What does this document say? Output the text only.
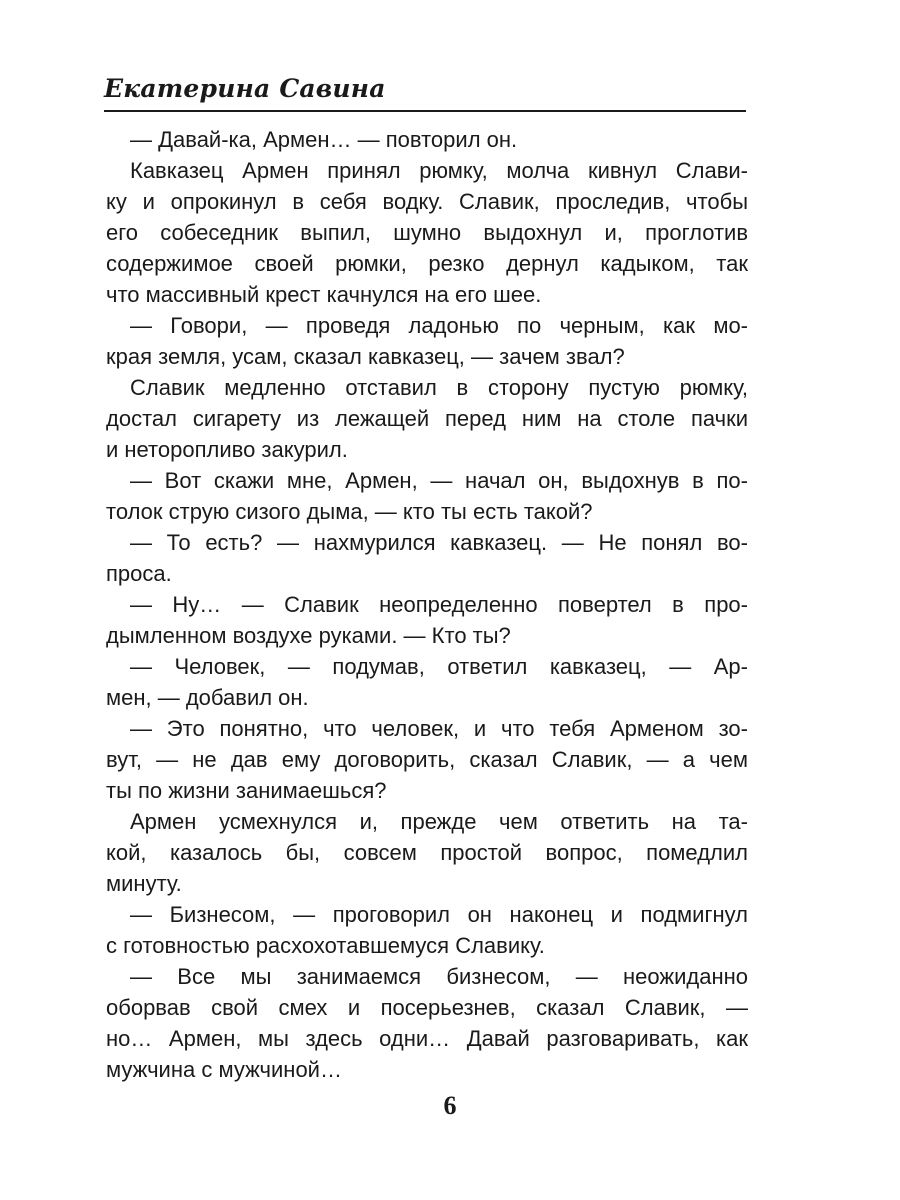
Екатерина Савина
— Давай-ка, Армен… — повторил он.
Кавказец Армен принял рюмку, молча кивнул Слави-
ку и опрокинул в себя водку. Славик, проследив, чтобы
его собеседник выпил, шумно выдохнул и, проглотив
содержимое своей рюмки, резко дернул кадыком, так
что массивный крест качнулся на его шее.
— Говори, — проведя ладонью по черным, как мо-
края земля, усам, сказал кавказец, — зачем звал?
Славик медленно отставил в сторону пустую рюмку,
достал сигарету из лежащей перед ним на столе пачки
и неторопливо закурил.
— Вот скажи мне, Армен, — начал он, выдохнув в по-
толок струю сизого дыма, — кто ты есть такой?
— То есть? — нахмурился кавказец. — Не понял во-
проса.
— Ну… — Славик неопределенно повертел в про-
дымленном воздухе руками. — Кто ты?
— Человек, — подумав, ответил кавказец, — Ар-
мен, — добавил он.
— Это понятно, что человек, и что тебя Арменом зо-
вут, — не дав ему договорить, сказал Славик, — а чем
ты по жизни занимаешься?
Армен усмехнулся и, прежде чем ответить на та-
кой, казалось бы, совсем простой вопрос, помедлил
минуту.
— Бизнесом, — проговорил он наконец и подмигнул
с готовностью расхохотавшемуся Славику.
— Все мы занимаемся бизнесом, — неожиданно
оборвав свой смех и посерьезнев, сказал Славик, —
но… Армен, мы здесь одни… Давай разговаривать, как
мужчина с мужчиной…
6
